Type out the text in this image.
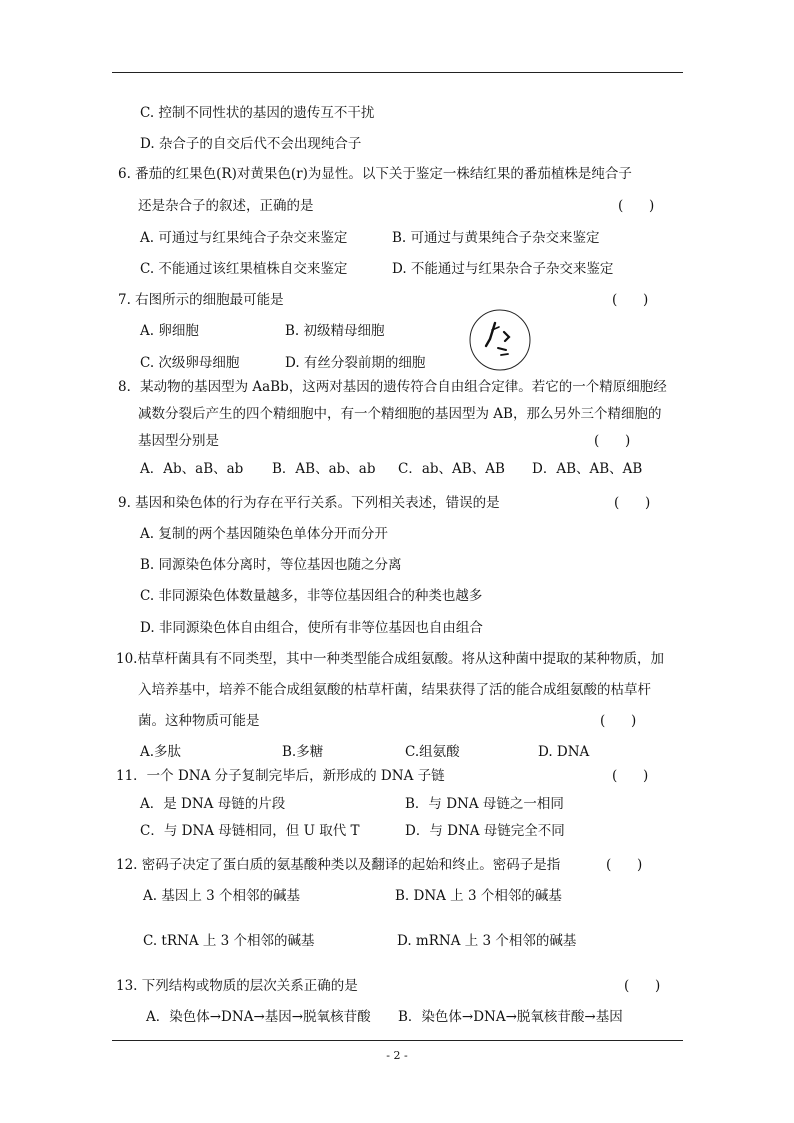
C. 控制不同性状的基因的遗传互不干扰
D. 杂合子的自交后代不会出现纯合子
6. 番茄的红果色(R)对黄果色(r)为显性。以下关于鉴定一株结红果的番茄植株是纯合子
还是杂合子的叙述，正确的是	(      )
A. 可通过与红果纯合子杂交来鉴定	B. 可通过与黄果纯合子杂交来鉴定
C. 不能通过该红果植株自交来鉴定	D. 不能通过与红果杂合子杂交来鉴定
7. 右图所示的细胞最可能是	(      )
A. 卵细胞	B. 初级精母细胞
C. 次级卵母细胞	D. 有丝分裂前期的细胞
8．某动物的基因型为 AaBb，这两对基因的遗传符合自由组合定律。若它的一个精原细胞经
减数分裂后产生的四个精细胞中，有一个精细胞的基因型为 AB，那么另外三个精细胞的
基因型分别是	(      )
A．Ab、aB、ab B．AB、ab、ab C．ab、AB、AB D．AB、AB、AB
9. 基因和染色体的行为存在平行关系。下列相关表述，错误的是	(      )
A. 复制的两个基因随染色单体分开而分开
B. 同源染色体分离时，等位基因也随之分离
C. 非同源染色体数量越多，非等位基因组合的种类也越多
D. 非同源染色体自由组合，使所有非等位基因也自由组合
10.枯草杆菌具有不同类型，其中一种类型能合成组氨酸。将从这种菌中提取的某种物质，加
入培养基中，培养不能合成组氨酸的枯草杆菌，结果获得了活的能合成组氨酸的枯草杆
菌。这种物质可能是	(      )
A.多肽	B.多糖	C.组氨酸	D. DNA
11．一个 DNA 分子复制完毕后，新形成的 DNA 子链	(      )
A．是 DNA 母链的片段	B．与 DNA 母链之一相同
C．与 DNA 母链相同，但 U 取代 T	D．与 DNA 母链完全不同
12. 密码子决定了蛋白质的氨基酸种类以及翻译的起始和终止。密码子是指	(      )
A. 基因上 3 个相邻的碱基	B. DNA 上 3 个相邻的碱基
C. tRNA 上 3 个相邻的碱基	D. mRNA 上 3 个相邻的碱基
13. 下列结构或物质的层次关系正确的是	(      )
A．染色体→DNA→基因→脱氧核苷酸 B．染色体→DNA→脱氧核苷酸→基因
- 2 -
